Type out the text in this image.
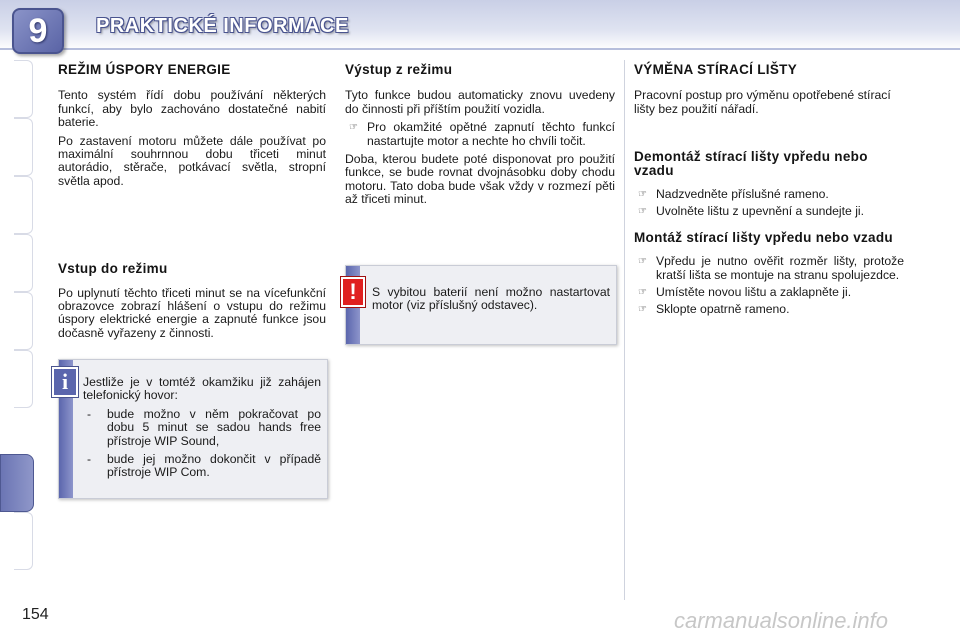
9	PRAKTICKÉ INFORMACE
REŽIM ÚSPORY ENERGIE

Tento systém řídí dobu používání některých funkcí, aby bylo zachováno dostatečné nabití baterie.

Po zastavení motoru můžete dále používat po maximální souhrnnou dobu třiceti minut autorádio, stěrače, potkávací světla, stropní světla apod.

Vstup do režimu

Po uplynutí těchto třiceti minut se na vícefunkční obrazovce zobrazí hlášení o vstupu do režimu úspory elektrické energie a zapnuté funkce jsou dočasně vyřazeny z činnosti.

Jestliže je v tomtéž okamžiku již zahájen telefonický hovor:

- bude možno v něm pokračovat po dobu 5 minut se sadou hands free přístroje WIP Sound,
- bude jej možno dokončit v případě přístroje WIP Com.
i
Výstup z režimu

Tyto funkce budou automaticky znovu uvedeny do činnosti při příštím použití vozidla.

☞ Pro okamžité opětné zapnutí těchto funkcí nastartujte motor a nechte ho chvíli točit.

Doba, kterou budete poté disponovat pro použití funkce, se bude rovnat dvojnásobku doby chodu motoru. Tato doba bude však vždy v rozmezí pěti až třiceti minut.

S vybitou baterií není možno nastartovat motor (viz příslušný odstavec).
!
VÝMĚNA STÍRACÍ LIŠTY

Pracovní postup pro výměnu opotřebené stírací lišty bez použití nářadí.

Demontáž stírací lišty vpředu nebo vzadu
☞ Nadzvedněte příslušné rameno.
☞ Uvolněte lištu z upevnění a sundejte ji.
Montáž stírací lišty vpředu nebo vzadu
☞ Vpředu je nutno ověřit rozměr lišty, protože kratší lišta se montuje na stranu spolujezdce.
☞ Umístěte novou lištu a zaklapněte ji.
☞ Sklopte opatrně rameno.
154	carmanualsonline.info
